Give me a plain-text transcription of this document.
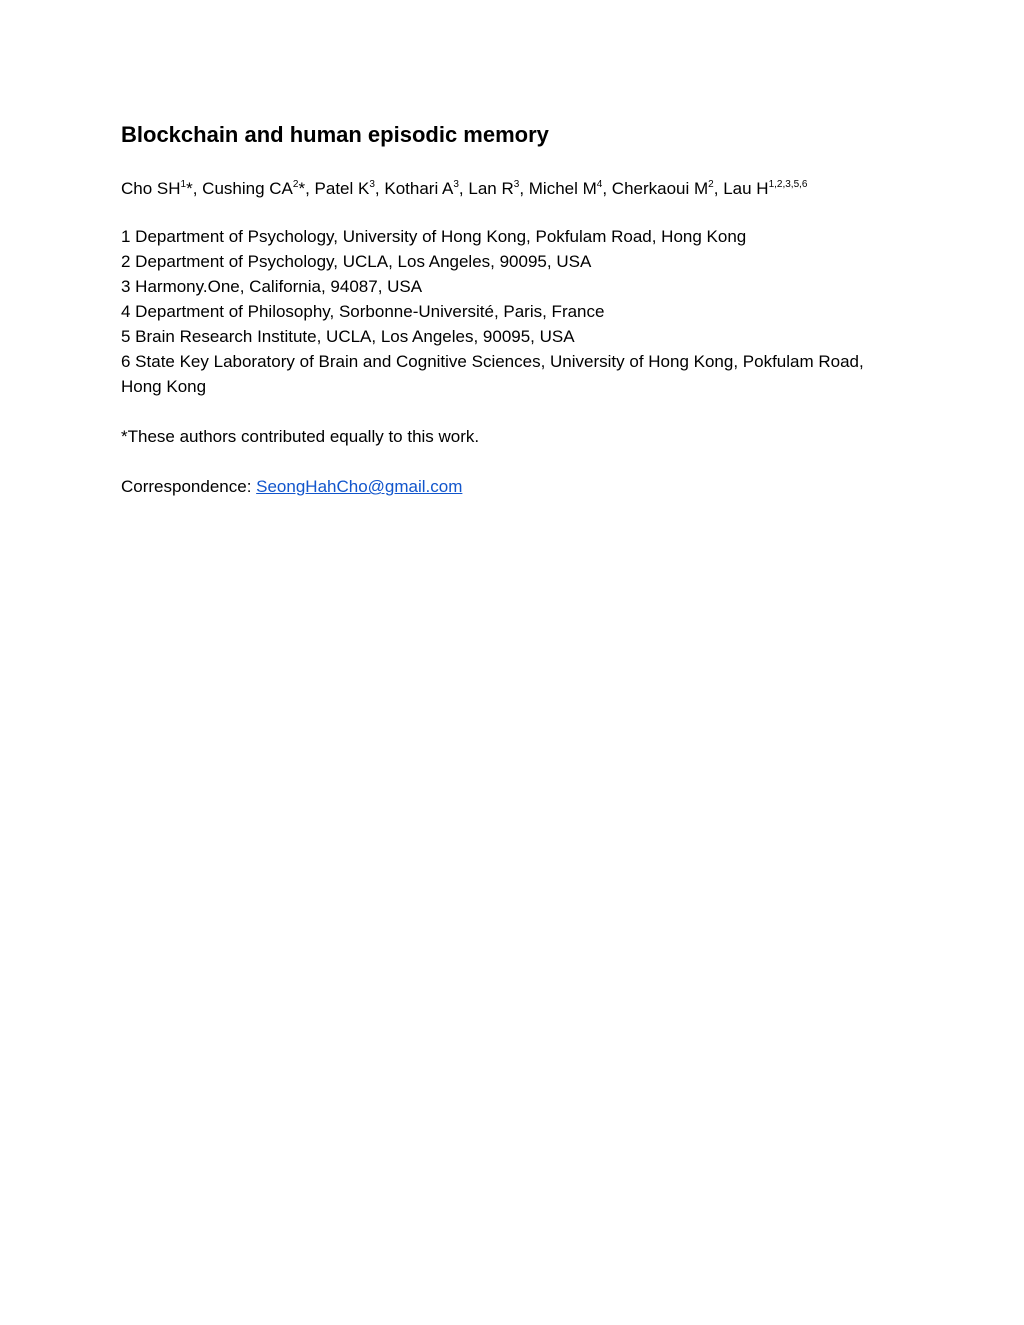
Blockchain and human episodic memory
Cho $SH^1*$, Cushing $CA^2*$, Patel $K^3$, Kothari $A^3$, Lan $R^3$, Michel $M^4$, Cherkaoui $M^2$, Lau H$^{1,2,3,5,6}$
1 Department of Psychology, University of Hong Kong, Pokfulam Road, Hong Kong
2 Department of Psychology, UCLA, Los Angeles, 90095, USA
3 Harmony.One, California, 94087, USA
4 Department of Philosophy, Sorbonne-Université, Paris, France
5 Brain Research Institute, UCLA, Los Angeles, 90095, USA
6 State Key Laboratory of Brain and Cognitive Sciences, University of Hong Kong, Pokfulam Road, Hong Kong
*These authors contributed equally to this work.
Correspondence: SeongHahCho@gmail.com
